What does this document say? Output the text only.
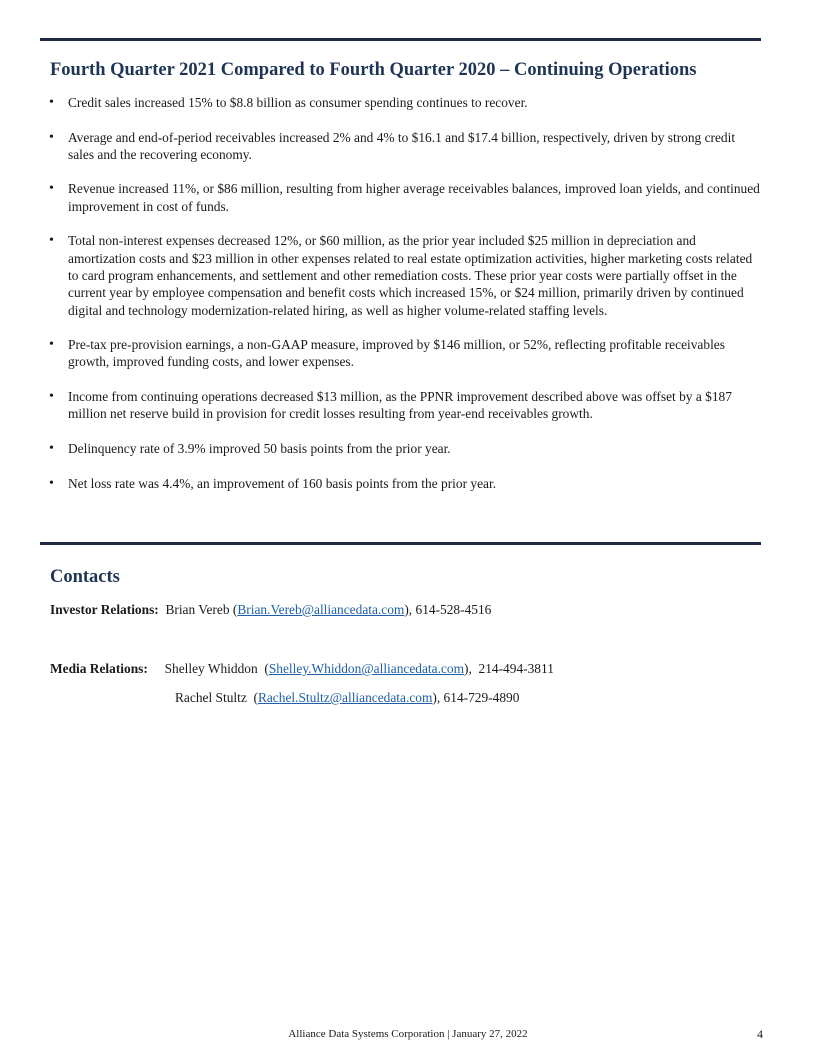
Fourth Quarter 2021 Compared to Fourth Quarter 2020 – Continuing Operations
• Credit sales increased 15% to $8.8 billion as consumer spending continues to recover.
• Average and end-of-period receivables increased 2% and 4% to $16.1 and $17.4 billion, respectively, driven by strong credit sales and the recovering economy.
• Revenue increased 11%, or $86 million, resulting from higher average receivables balances, improved loan yields, and continued improvement in cost of funds.
• Total non-interest expenses decreased 12%, or $60 million, as the prior year included $25 million in depreciation and amortization costs and $23 million in other expenses related to real estate optimization activities, higher marketing costs related to card program enhancements, and settlement and other remediation costs. These prior year costs were partially offset in the current year by employee compensation and benefit costs which increased 15%, or $24 million, primarily driven by continued digital and technology modernization-related hiring, as well as higher volume-related staffing levels.
• Pre-tax pre-provision earnings, a non-GAAP measure, improved by $146 million, or 52%, reflecting profitable receivables growth, improved funding costs, and lower expenses.
• Income from continuing operations decreased $13 million, as the PPNR improvement described above was offset by a $187 million net reserve build in provision for credit losses resulting from year-end receivables growth.
• Delinquency rate of 3.9% improved 50 basis points from the prior year.
• Net loss rate was 4.4%, an improvement of 160 basis points from the prior year.
Contacts
Investor Relations: Brian Vereb (Brian.Vereb@alliancedata.com), 614-528-4516
Media Relations: Shelley Whiddon  (Shelley.Whiddon@alliancedata.com),  214-494-3811
Rachel Stultz  (Rachel.Stultz@alliancedata.com), 614-729-4890
Alliance Data Systems Corporation | January 27, 2022	4
